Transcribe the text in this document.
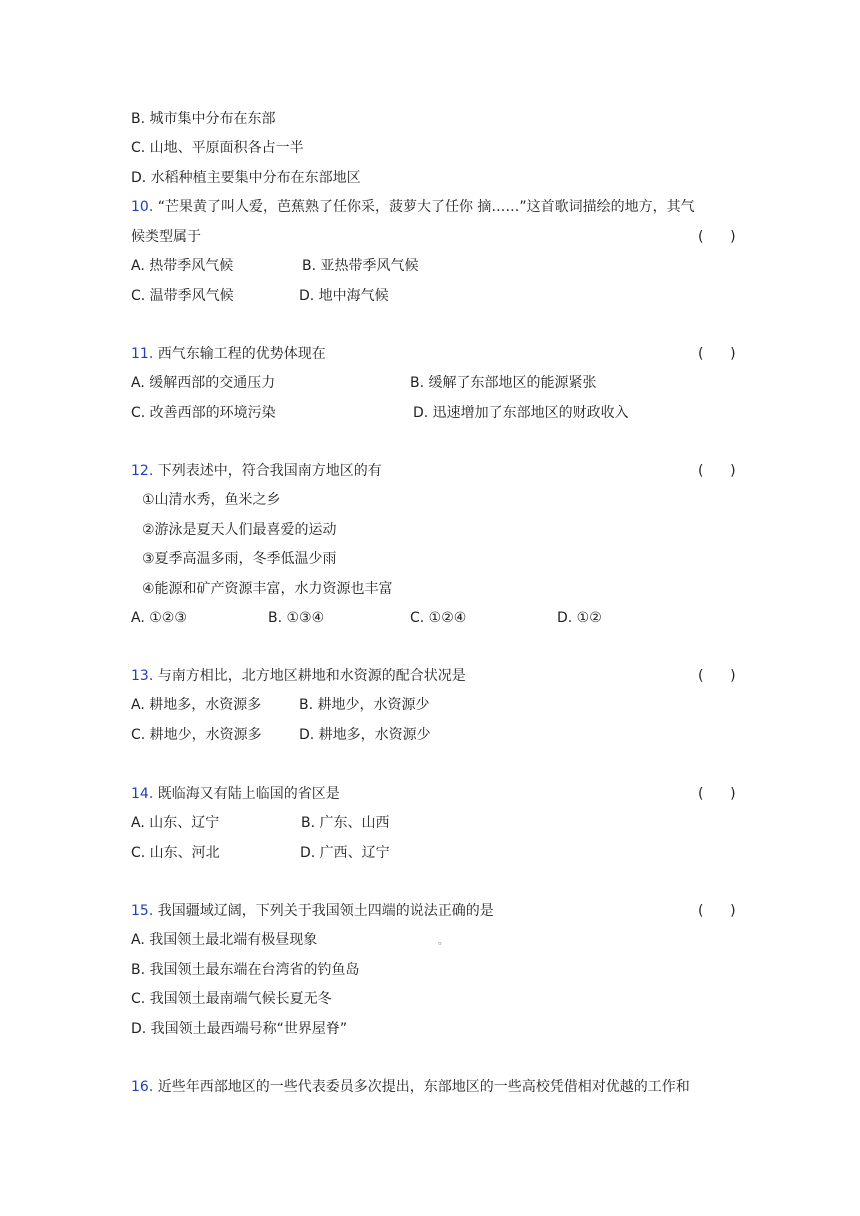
B. 城市集中分布在东部
C. 山地、平原面积各占一半
D. 水稻种植主要集中分布在东部地区
10. “芒果黄了叫人爱，芭蕉熟了任你采，菠萝大了任你 摘……”这首歌词描绘的地方，其气
候类型属于	(      )
A. 热带季风气候	B. 亚热带季风气候
C. 温带季风气候	D. 地中海气候
11. 西气东输工程的优势体现在	(      )
A. 缓解西部的交通压力	B. 缓解了东部地区的能源紧张
C. 改善西部的环境污染	D. 迅速增加了东部地区的财政收入
12. 下列表述中，符合我国南方地区的有	(      )
①山清水秀，鱼米之乡
②游泳是夏天人们最喜爱的运动
③夏季高温多雨，冬季低温少雨
④能源和矿产资源丰富，水力资源也丰富
A. ①②③	B. ①③④	C. ①②④	D. ①②
13. 与南方相比，北方地区耕地和水资源的配合状况是	(      )
A. 耕地多，水资源多	B. 耕地少，水资源少
C. 耕地少，水资源多	D. 耕地多，水资源少
14. 既临海又有陆上临国的省区是	(      )
A. 山东、辽宁	B. 广东、山西
C. 山东、河北	D. 广西、辽宁
15. 我国疆域辽阔，下列关于我国领土四端的说法正确的是	(      )
A. 我国领土最北端有极昼现象	。
B. 我国领土最东端在台湾省的钓鱼岛
C. 我国领土最南端气候长夏无冬
D. 我国领土最西端号称“世界屋脊”
16. 近些年西部地区的一些代表委员多次提出，东部地区的一些高校凭借相对优越的工作和
